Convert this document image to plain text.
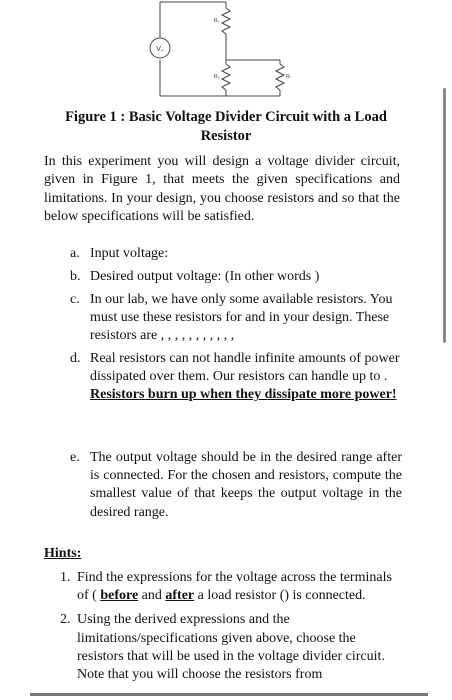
V₀
R₁
R₂	Rₗ
Figure 1 : Basic Voltage Divider Circuit with a Load
Resistor

In this experiment you will design a voltage divider circuit, given in Figure 1, that meets the given specifications and limitations. In your design, you choose resistors and so that the below specifications will be satisfied.

a. Input voltage:
b. Desired output voltage: (In other words )
c. In our lab, we have only some available resistors. You must use these resistors for and in your design. These resistors are , , , , , , , , , , ,
d. Real resistors can not handle infinite amounts of power dissipated over them. Our resistors can handle up to . Resistors burn up when they dissipate more power!
e. The output voltage should be in the desired range after is connected. For the chosen and resistors, compute the smallest value of that keeps the output voltage in the desired range.
Hints:
1. Find the expressions for the voltage across the terminals of ( before and after a load resistor () is connected.
2. Using the derived expressions and the limitations/specifications given above, choose the resistors that will be used in the voltage divider circuit. Note that you will choose the resistors from
